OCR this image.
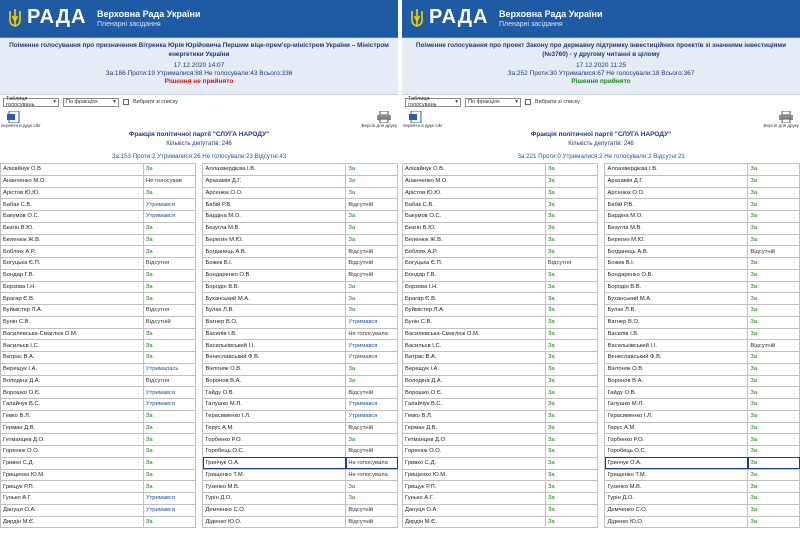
РАДА Верховна Рада України
Пленарні засідання
Поіменне голосування про призначення Вітренка Юрія Юрійовича Першим віце-прем'єр-міністром України – Міністром енергетики України
17.12.2020 14:07
За:186 Проти:19 Утрималися:88 Не голосували:43 Всього:336
Рішення не прийнято
Таблиця голосувань	▾ По фракціях	▾	Вибрати зі списку
перейти в друк.Ukr	Версія для друку
Фракція політичної партії "СЛУГА НАРОДУ"
Кількість депутатів: 246
За:153 Проти:2 Утрималися:26 Не голосували:23 Відсутні:43
Алієвйнук О.В.	За		Аллахвердієва І.В.	За
Ананченко М.О.	Не голосував		Арахамія Д.Г.	За
Арістов Ю.Ю.	За		Арсенюк О.О.	За
Бабак С.В.	Утримався		Бабій Р.В.	Відсутній
Бакумов О.С.	Утримався		Бардіна М.О.	За
Безгін В.Ю.	За		Безугла М.В.	За
Беленюк Ж.В.	За		Берегин М.Ю.	За
Бобліях А.Р.	За		Богданець А.В.	Відсутній
Богуцька Є.П.	Відсутня		Божик В.І.	Відсутній
Бондар Г.В.	За		Бондаренко О.В.	Відсутній
Борзова І.Н.	За		Бородін В.В.	За
Брагар Є.В.	За		Буханський М.А.	За
Буймістер Л.А.	Відсутня		Булах Л.В.	За
Бунін С.В.	Відсутній		Вагнер В.О.	Утримався
Василевська-Смаглюк О.М.	За		Василів І.В.	Не голосувала
Васильєв І.С.	За		Васильківський І.І.	Утримався
Ватрас В.А.	За		Венеславський Ф.В.	Утримався
Верещук І.А.	Утрималась		Вінтоняк О.В.	За
Володіна Д.А.	Відсутня		Воронов В.А.	За
Ворошко О.Є.	Утримався		Гайду О.В.	Відсутній
Галайчук В.С.	Утримався		Галушко М.Л.	Утримався
Гевко В.Л.	За		Герасименко І.Л.	Утримався
Герман Д.В.	За		Герус А.М.	Відсутній
Гетманцев Д.О.	За		Горбенко Р.О.	За
Горенюк О.О.	За		Горобець О.С.	Відсутній
Гривко С.Д.	За		Гринчук О.А.	Не голосувала
Грищенко Ю.М.	За		Грищенко Т.М.	Не голосувала
Грищук Р.П.	За		Гузенко М.В.	За
Гунько А.Г.	Утримався		Гурін Д.О.	За
Дануця О.А.	Утримався		Демченко С.О.	Відсутній
Дирдін М.Є.	За		Діденко Ю.О.	Відсутній
РАДА Верховна Рада України
Пленарні засідання
Поіменне голосування про проект Закону про державну підтримку інвестиційних проектів зі значними інвестиціями (№3760) - у другому читанні в цілому
17.12.2020 11:25
За:252 Проти:30 Утрималися:67 Не голосували:18 Всього:367
Рішення прийнято
Таблиця голосувань	▾ По фракціях	▾	Вибрати зі списку
перейти в друк.Ukr	Версія для друку
Фракція політичної партії "СЛУГА НАРОДУ"
Кількість депутатів: 246
За:221 Проти:0 Утрималися:2 Не голосували:2 Відсутні:21
Алієвйнук О.В.	За		Аллахвердієва І.В.	За
Ананченко М.О.	За		Арахамія Д.Г.	За
Арістов Ю.Ю.	За		Арсенюк О.О.	За
Бабак С.В.	За		Бабій Р.В.	За
Бакумов О.С.	За		Бардіна М.О.	За
Безгін В.Ю.	За		Безугла М.В.	За
Беленюк Ж.В.	За		Берегин М.Ю.	За
Бобліях А.Р.	За		Богданець А.В.	Відсутній
Богуцька Є.П.	Відсутня		Божик В.І.	За
Бондар Г.В.	За		Бондаренко О.В.	За
Борзова І.Н.	За		Бородін В.В.	За
Брагар Є.В.	За		Буханський М.А.	За
Буймістер Л.А.	За		Булах Л.В.	За
Бунін С.В.	За		Вагнер В.О.	За
Василевська-Смаглюк О.М.	За		Василів І.В.	За
Васильєв І.С.	За		Васильківський І.І.	Відсутній
Ватрас В.А.	За		Венеславський Ф.В.	За
Верещук І.А.	За		Вінтоняк О.В.	За
Володіна Д.А.	За		Воронов В.А.	За
Ворошко О.Є.	За		Гайду О.В.	За
Галайчук В.С.	За		Галушко М.Л.	За
Гевко В.Л.	За		Герасименко І.Л.	За
Герман Д.В.	За		Герус А.М.	За
Гетманцев Д.О.	За		Горбенко Р.О.	За
Горенюк О.О.	За		Горобець О.С.	За
Гривко С.Д.	За		Гринчук О.А.	За
Грищенко Ю.М.	За		Грищенко Т.М.	За
Грищук Р.П.	За		Гузенко М.В.	За
Гунько А.Г.	За		Гурін Д.О.	За
Дануця О.А.	За		Демченко С.О.	За
Дирдін М.Є.	За		Діденко Ю.О.	За
